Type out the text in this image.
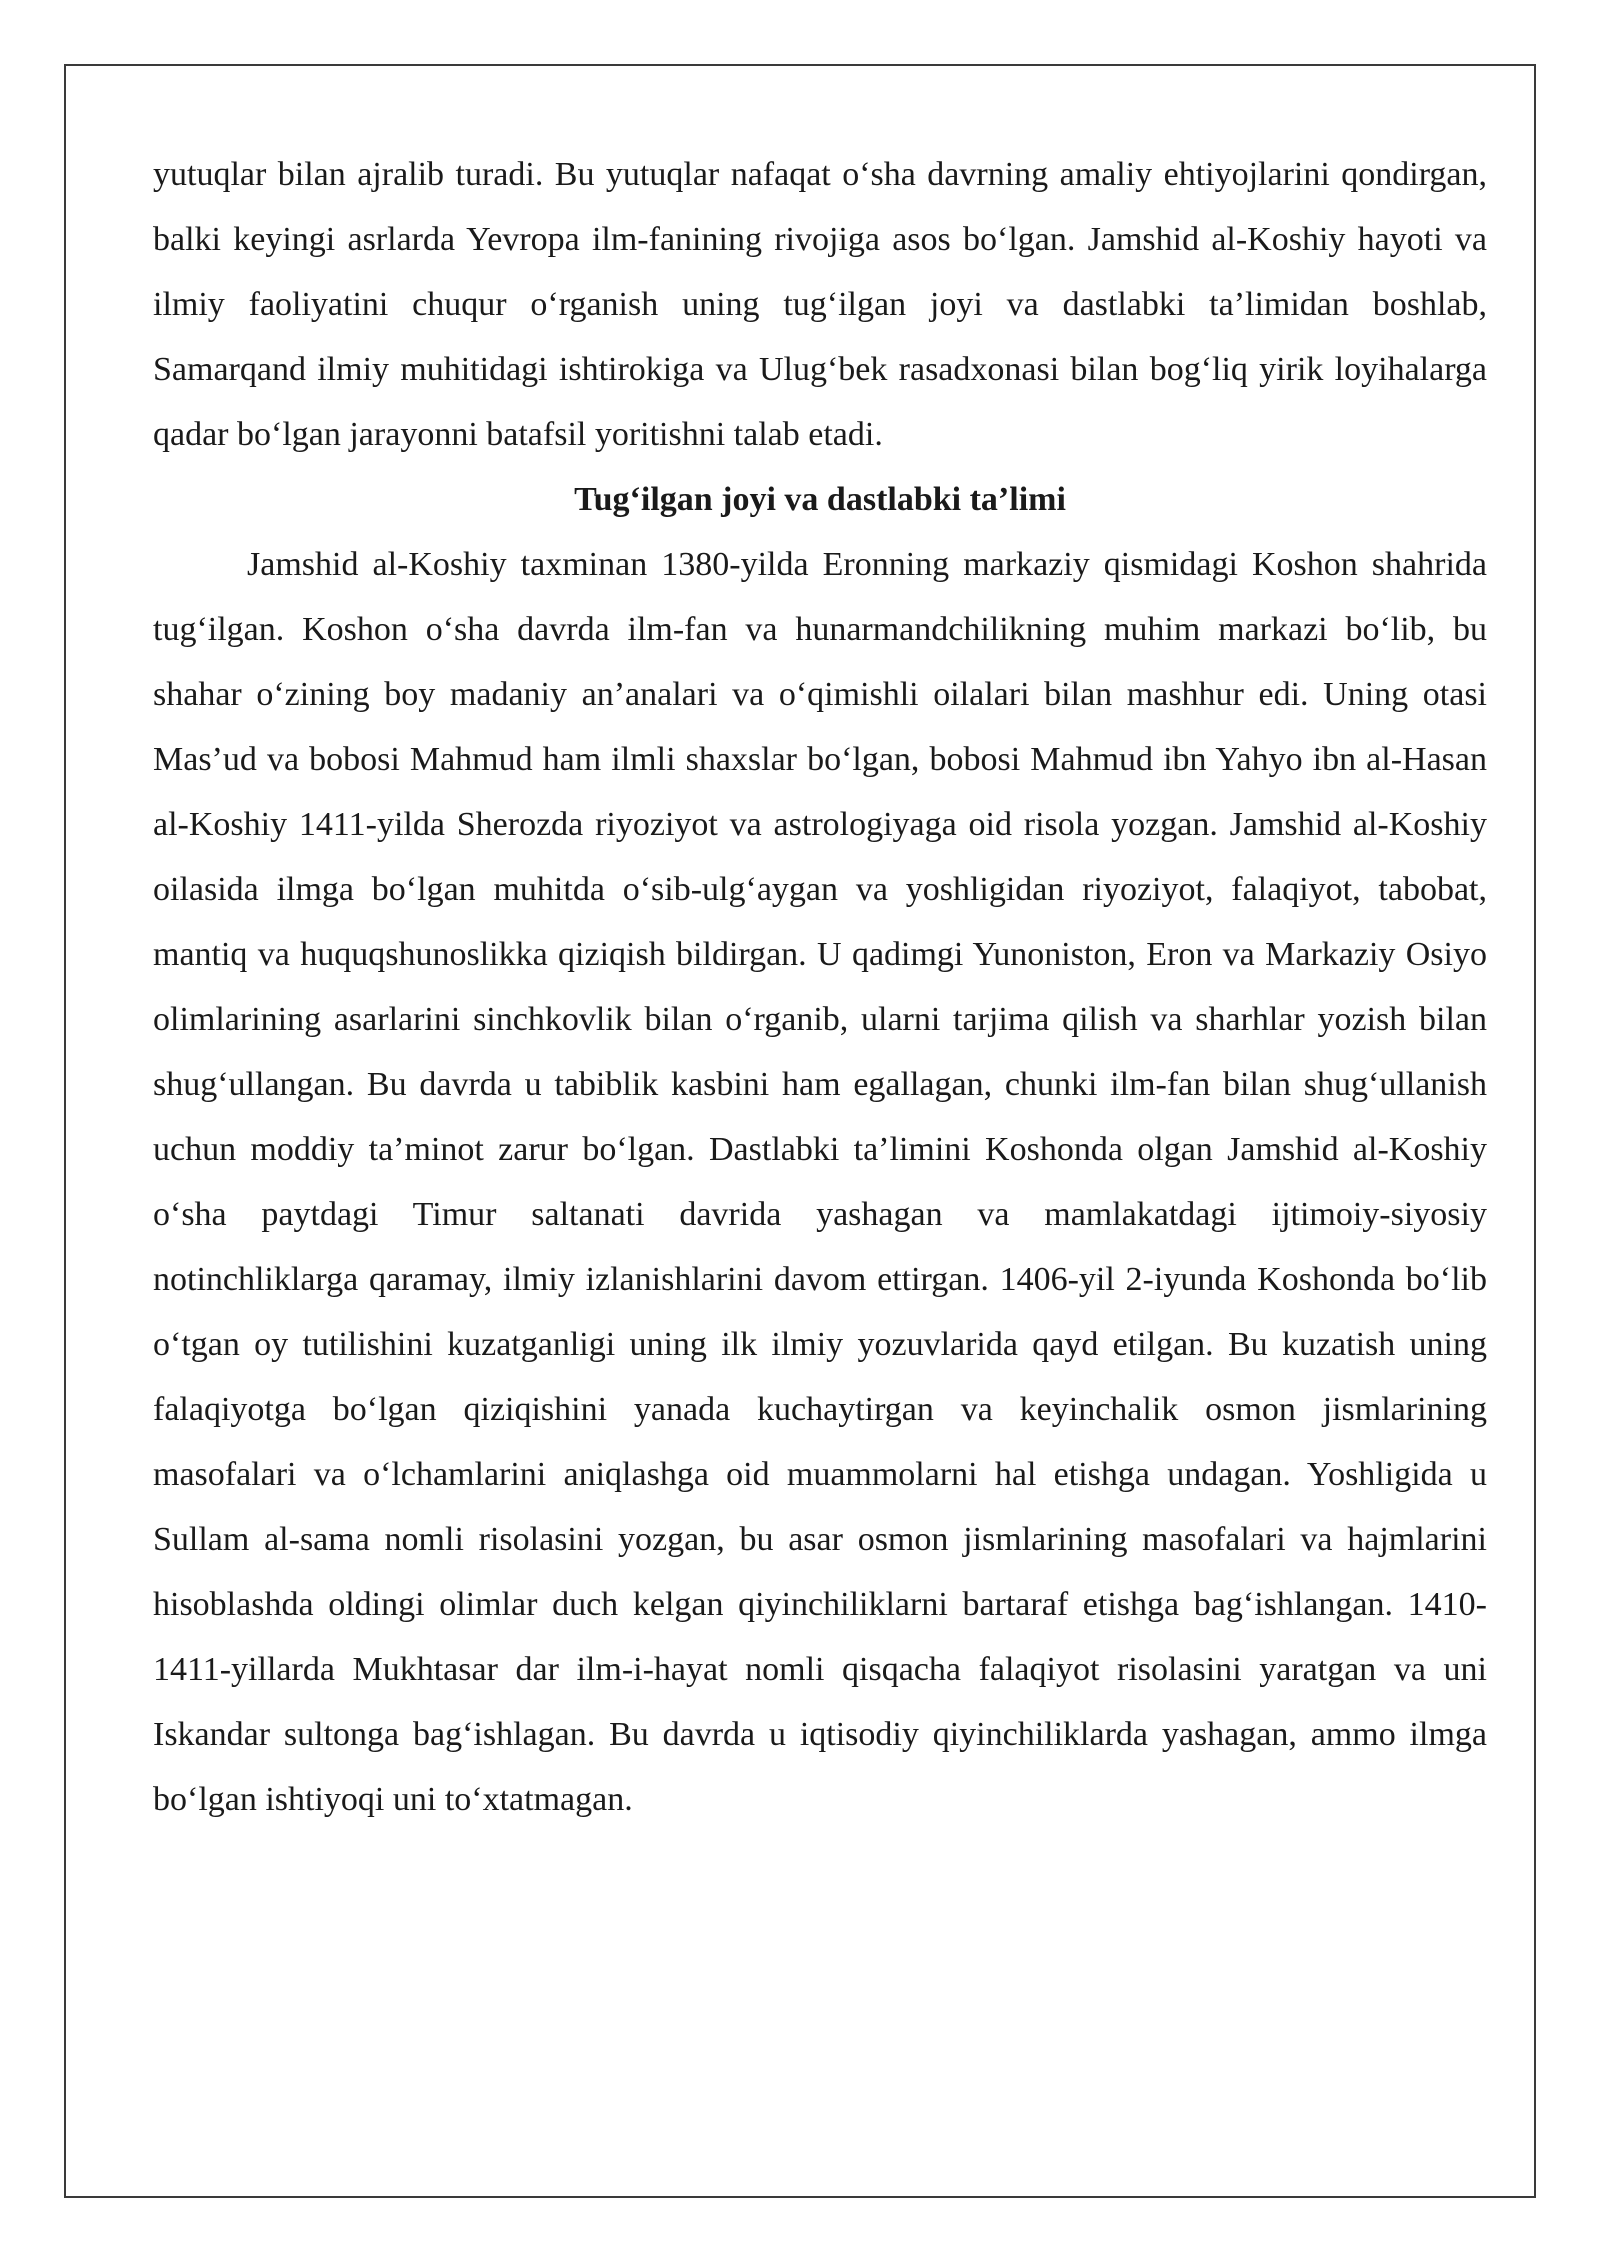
yutuqlar bilan ajralib turadi. Bu yutuqlar nafaqat o‘sha davrning amaliy ehtiyojlarini qondirgan, balki keyingi asrlarda Yevropa ilm-fanining rivojiga asos bo‘lgan. Jamshid al-Koshiy hayoti va ilmiy faoliyatini chuqur o‘rganish uning tug‘ilgan joyi va dastlabki ta’limidan boshlab, Samarqand ilmiy muhitidagi ishtirokiga va Ulug‘bek rasadxonasi bilan bog‘liq yirik loyihalarga qadar bo‘lgan jarayonni batafsil yoritishni talab etadi.

Tug‘ilgan joyi va dastlabki ta’limi

Jamshid al-Koshiy taxminan 1380-yilda Eronning markaziy qismidagi Koshon shahrida tug‘ilgan. Koshon o‘sha davrda ilm-fan va hunarmandchilikning muhim markazi bo‘lib, bu shahar o‘zining boy madaniy an’analari va o‘qimishli oilalari bilan mashhur edi. Uning otasi Mas’ud va bobosi Mahmud ham ilmli shaxslar bo‘lgan, bobosi Mahmud ibn Yahyo ibn al-Hasan al-Koshiy 1411-yilda Sherozda riyoziyot va astrologiyaga oid risola yozgan. Jamshid al-Koshiy oilasida ilmga bo‘lgan muhitda o‘sib-ulg‘aygan va yoshligidan riyoziyot, falaqiyot, tabobat, mantiq va huquqshunoslikka qiziqish bildirgan. U qadimgi Yunoniston, Eron va Markaziy Osiyo olimlarining asarlarini sinchkovlik bilan o‘rganib, ularni tarjima qilish va sharhlar yozish bilan shug‘ullangan. Bu davrda u tabiblik kasbini ham egallagan, chunki ilm-fan bilan shug‘ullanish uchun moddiy ta’minot zarur bo‘lgan. Dastlabki ta’limini Koshonda olgan Jamshid al-Koshiy o‘sha paytdagi Timur saltanati davrida yashagan va mamlakatdagi ijtimoiy-siyosiy notinchliklarga qaramay, ilmiy izlanishlarini davom ettirgan. 1406-yil 2-iyunda Koshonda bo‘lib o‘tgan oy tutilishini kuzatganligi uning ilk ilmiy yozuvlarida qayd etilgan. Bu kuzatish uning falaqiyotga bo‘lgan qiziqishini yanada kuchaytirgan va keyinchalik osmon jismlarining masofalari va o‘lchamlarini aniqlashga oid muammolarni hal etishga undagan. Yoshligida u Sullam al-sama nomli risolasini yozgan, bu asar osmon jismlarining masofalari va hajmlarini hisoblashda oldingi olimlar duch kelgan qiyinchiliklarni bartaraf etishga bag‘ishlangan. 1410-1411-yillarda Mukhtasar dar ilm-i-hayat nomli qisqacha falaqiyot risolasini yaratgan va uni Iskandar sultonga bag‘ishlagan. Bu davrda u iqtisodiy qiyinchiliklarda yashagan, ammo ilmga bo‘lgan ishtiyoqi uni to‘xtatmagan.
